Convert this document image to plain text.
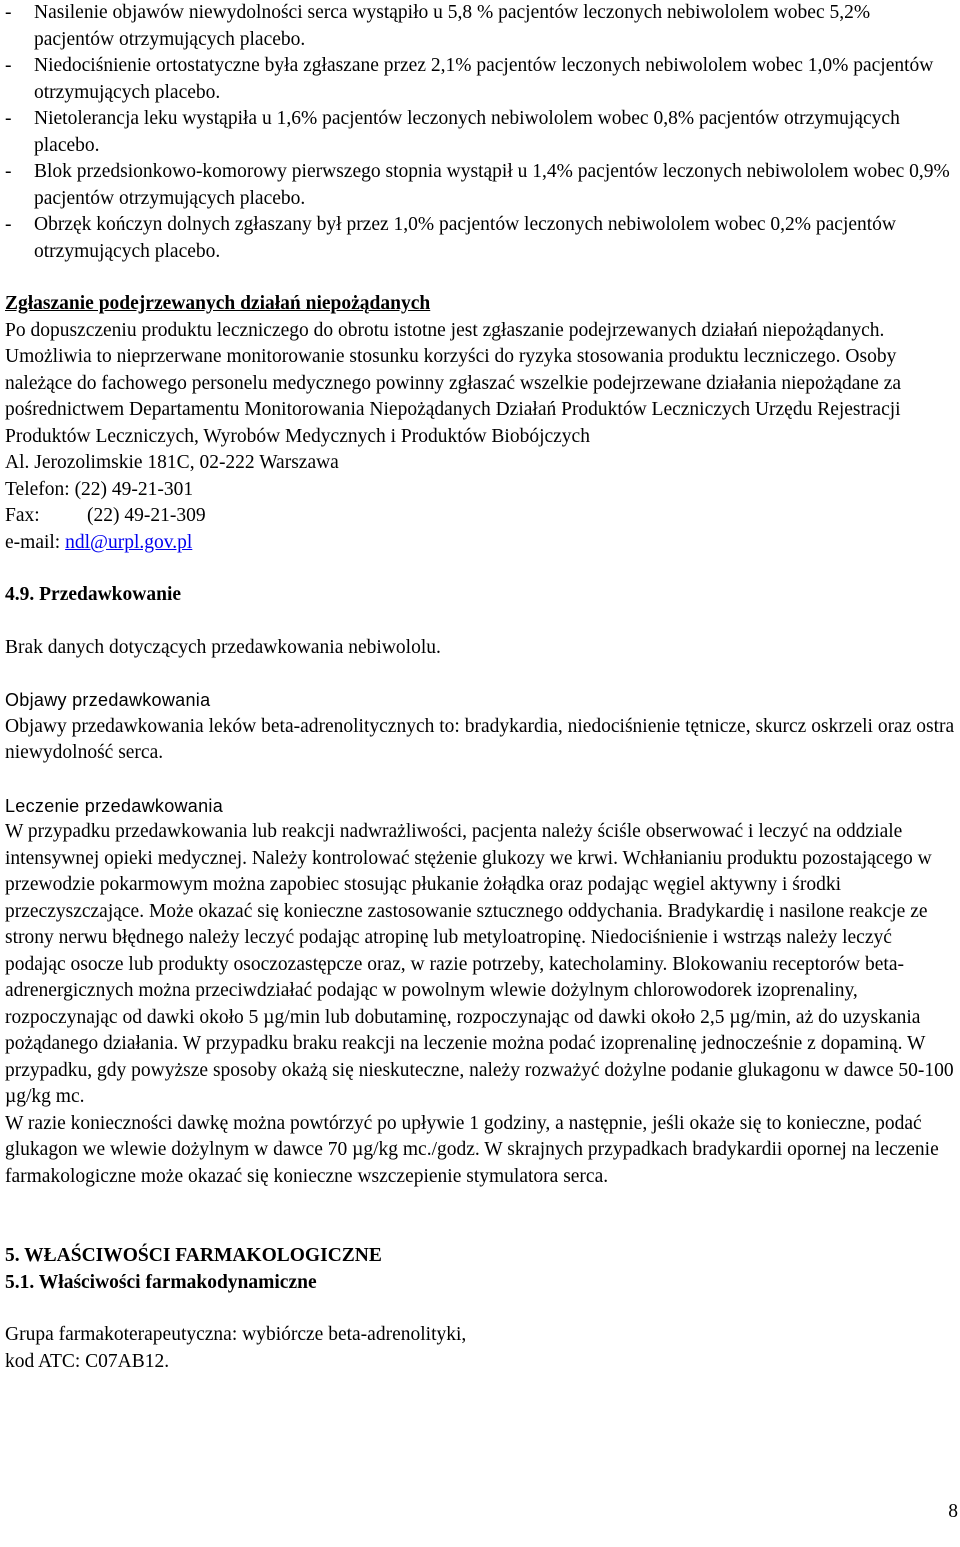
- Nasilenie objawów niewydolności serca wystąpiło u 5,8 % pacjentów leczonych nebiwololem wobec 5,2% pacjentów otrzymujących placebo.
- Niedociśnienie ortostatyczne była zgłaszane przez 2,1% pacjentów leczonych nebiwololem wobec 1,0% pacjentów otrzymujących placebo.
- Nietolerancja leku wystąpiła u 1,6% pacjentów leczonych nebiwololem wobec 0,8% pacjentów otrzymujących placebo.
- Blok przedsionkowo-komorowy pierwszego stopnia wystąpił u 1,4% pacjentów leczonych nebiwololem wobec 0,9% pacjentów otrzymujących placebo.
- Obrzęk kończyn dolnych zgłaszany był przez 1,0% pacjentów leczonych nebiwololem wobec 0,2% pacjentów otrzymujących placebo.

Zgłaszanie podejrzewanych działań niepożądanych

Po dopuszczeniu produktu leczniczego do obrotu istotne jest zgłaszanie podejrzewanych działań niepożądanych. Umożliwia to nieprzerwane monitorowanie stosunku korzyści do ryzyka stosowania produktu leczniczego. Osoby należące do fachowego personelu medycznego powinny zgłaszać wszelkie podejrzewane działania niepożądane za pośrednictwem Departamentu Monitorowania Niepożądanych Działań Produktów Leczniczych Urzędu Rejestracji Produktów Leczniczych, Wyrobów Medycznych i Produktów Biobójczych

Al. Jerozolimskie 181C, 02-222 Warszawa

Telefon: (22) 49-21-301

Fax: (22) 49-21-309

e-mail: ndl@urpl.gov.pl

4.9. Przedawkowanie

Brak danych dotyczących przedawkowania nebiwololu.

Objawy przedawkowania

Objawy przedawkowania leków beta-adrenolitycznych to: bradykardia, niedociśnienie tętnicze, skurcz oskrzeli oraz ostra niewydolność serca.

Leczenie przedawkowania

W przypadku przedawkowania lub reakcji nadwrażliwości, pacjenta należy ściśle obserwować i leczyć na oddziale intensywnej opieki medycznej. Należy kontrolować stężenie glukozy we krwi. Wchłanianiu produktu pozostającego w przewodzie pokarmowym można zapobiec stosując płukanie żołądka oraz podając węgiel aktywny i środki przeczyszczające. Może okazać się konieczne zastosowanie sztucznego oddychania. Bradykardię i nasilone reakcje ze strony nerwu błędnego należy leczyć podając atropinę lub metyloatropinę. Niedociśnienie i wstrząs należy leczyć podając osocze lub produkty osoczozastępcze oraz, w razie potrzeby, katecholaminy. Blokowaniu receptorów beta-adrenergicznych można przeciwdziałać podając w powolnym wlewie dożylnym chlorowodorek izoprenaliny, rozpoczynając od dawki około 5 µg/min lub dobutaminę, rozpoczynając od dawki około 2,5 µg/min, aż do uzyskania pożądanego działania. W przypadku braku reakcji na leczenie można podać izoprenalinę jednocześnie z dopaminą. W przypadku, gdy powyższe sposoby okażą się nieskuteczne, należy rozważyć dożylne podanie glukagonu w dawce 50-100 µg/kg mc.

W razie konieczności dawkę można powtórzyć po upływie 1 godziny, a następnie, jeśli okaże się to konieczne, podać glukagon we wlewie dożylnym w dawce 70 µg/kg mc./godz. W skrajnych przypadkach bradykardii opornej na leczenie farmakologiczne może okazać się konieczne wszczepienie stymulatora serca.

5. WŁAŚCIWOŚCI FARMAKOLOGICZNE

5.1. Właściwości farmakodynamiczne

Grupa farmakoterapeutyczna: wybiórcze beta-adrenolityki,

kod ATC: C07AB12.

8
